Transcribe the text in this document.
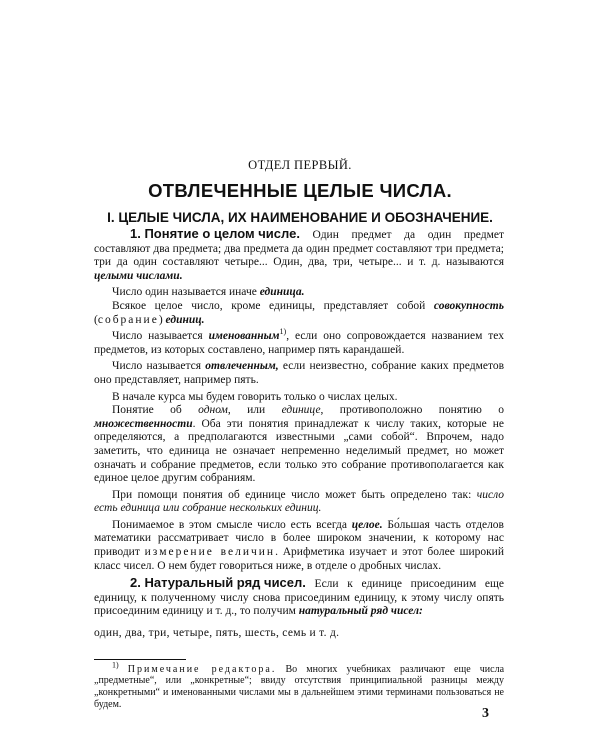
ОТДЕЛ ПЕРВЫЙ.
ОТВЛЕЧЕННЫЕ ЦЕЛЫЕ ЧИСЛА.
I. ЦЕЛЫЕ ЧИСЛА, ИХ НАИМЕНОВАНИЕ И ОБОЗНАЧЕНИЕ.

1. Понятие о целом числе. Один предмет да один предмет составляют два предмета; два предмета да один предмет составляют три предмета; три да один составляют четыре... Один, два, три, четыре... и т. д. называются целыми числами.

Число один называется иначе единица.

Всякое целое число, кроме единицы, представляет собой совокупность (собрание) единиц.

Число называется именованным$^{1)}$, если оно сопровождается названием тех предметов, из которых составлено, например пять карандашей.

Число называется отвлеченным, если неизвестно, собрание каких предметов оно представляет, например пять.

В начале курса мы будем говорить только о числах целых.

Понятие об одном, или единице, противоположно понятию о множественности. Оба эти понятия принадлежат к числу таких, которые не определяются, а предполагаются известными „сами собой“. Впрочем, надо заметить, что единица не означает непременно неделимый предмет, но может означать и собрание предметов, если только это собрание противополагается как единое целое другим собраниям.

При помощи понятия об единице число может быть определено так: число есть единица или собрание нескольких единиц.

Понимаемое в этом смысле число есть всегда целое. Бо́льшая часть отделов математики рассматривает число в более широком значении, к которому нас приводит измерение величин. Арифметика изучает и этот более широкий класс чисел. О нем будет говориться ниже, в отделе о дробных числах.

2. Натуральный ряд чисел. Если к единице присоединим еще единицу, к полученному числу снова присоединим единицу, к этому числу опять присоединим единицу и т. д., то получим натуральный ряд чисел:

один, два, три, четыре, пять, шесть, семь и т. д.

$^{1)}$ Примечание редактора. Во многих учебниках различают еще числа „предметные“, или „конкретные“; ввиду отсутствия принципиальной разницы между „конкретными“ и именованными числами мы в дальнейшем этими терминами пользоваться не будем.

3
